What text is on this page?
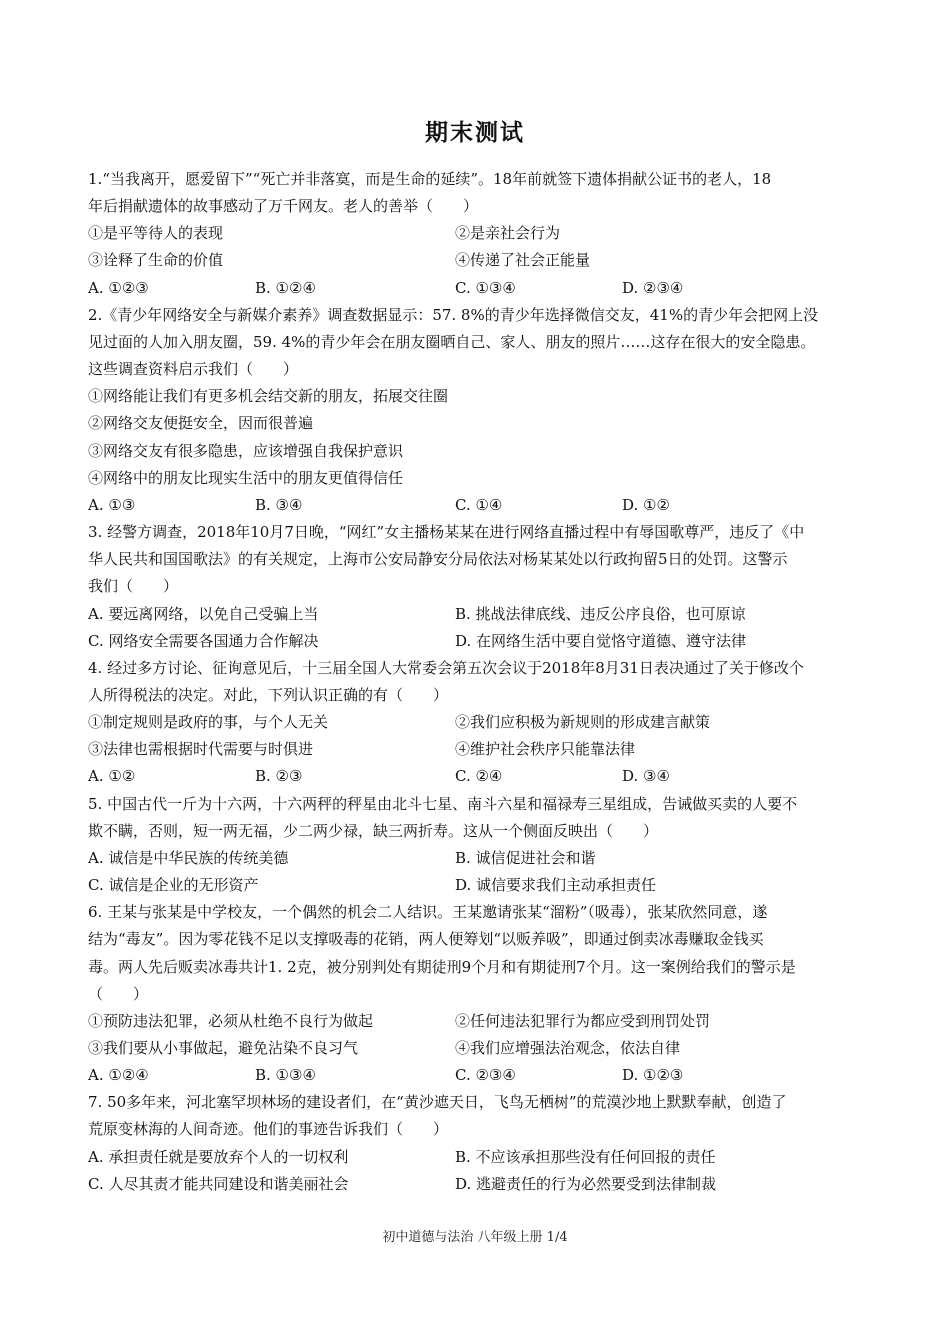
期末测试

1.“当我离开，愿爱留下”“死亡并非落寞，而是生命的延续”。18年前就签下遗体捐献公证书的老人，18

年后捐献遗体的故事感动了万千网友。老人的善举（　　）

①是平等待人的表现	②是亲社会行为
③诠释了生命的价值	④传递了社会正能量
A. ①②③	B. ①②④	C. ①③④	D. ②③④

2.《青少年网络安全与新媒介素养》调查数据显示：57. 8%的青少年选择微信交友，41%的青少年会把网上没

见过面的人加入朋友圈，59. 4%的青少年会在朋友圈晒自己、家人、朋友的照片……这存在很大的安全隐患。

这些调查资料启示我们（　　）

①网络能让我们有更多机会结交新的朋友，拓展交往圈

②网络交友便挺安全，因而很普遍

③网络交友有很多隐患，应该增强自我保护意识

④网络中的朋友比现实生活中的朋友更值得信任

A. ①③	B. ③④	C. ①④	D. ①②

3. 经警方调查，2018年10月7日晚，“网红”女主播杨某某在进行网络直播过程中有辱国歌尊严，违反了《中

华人民共和国国歌法》的有关规定，上海市公安局静安分局依法对杨某某处以行政拘留5日的处罚。这警示

我们（　　）

A. 要远离网络，以免自己受骗上当	B. 挑战法律底线、违反公序良俗，也可原谅
C. 网络安全需要各国通力合作解决	D. 在网络生活中要自觉恪守道德、遵守法律

4. 经过多方讨论、征询意见后，十三届全国人大常委会第五次会议于2018年8月31日表决通过了关于修改个

人所得税法的决定。对此，下列认识正确的有（　　）

①制定规则是政府的事，与个人无关	②我们应积极为新规则的形成建言献策
③法律也需根据时代需要与时俱进	④维护社会秩序只能靠法律
A. ①②	B. ②③	C. ②④	D. ③④

5. 中国古代一斤为十六两，十六两秤的秤星由北斗七星、南斗六星和福禄寿三星组成，告诫做买卖的人要不

欺不瞒，否则，短一两无福，少二两少禄，缺三两折寿。这从一个侧面反映出（　　）

A. 诚信是中华民族的传统美德	B. 诚信促进社会和谐
C. 诚信是企业的无形资产	D. 诚信要求我们主动承担责任

6. 王某与张某是中学校友，一个偶然的机会二人结识。王某邀请张某“溜粉”（吸毒），张某欣然同意，遂

结为“毒友”。因为零花钱不足以支撑吸毒的花销，两人便筹划“以贩养吸”，即通过倒卖冰毒赚取金钱买

毒。两人先后贩卖冰毒共计1. 2克，被分别判处有期徒刑9个月和有期徒刑7个月。这一案例给我们的警示是

（　　）

①预防违法犯罪，必须从杜绝不良行为做起	②任何违法犯罪行为都应受到刑罚处罚
③我们要从小事做起，避免沾染不良习气	④我们应增强法治观念，依法自律
A. ①②④	B. ①③④	C. ②③④	D. ①②③

7. 50多年来，河北塞罕坝林场的建设者们，在“黄沙遮天日，飞鸟无栖树”的荒漠沙地上默默奉献，创造了

荒原变林海的人间奇迹。他们的事迹告诉我们（　　）

A. 承担责任就是要放弃个人的一切权利	B. 不应该承担那些没有任何回报的责任
C. 人尽其责才能共同建设和谐美丽社会	D. 逃避责任的行为必然要受到法律制裁
初中道德与法治 八年级上册 1/4
